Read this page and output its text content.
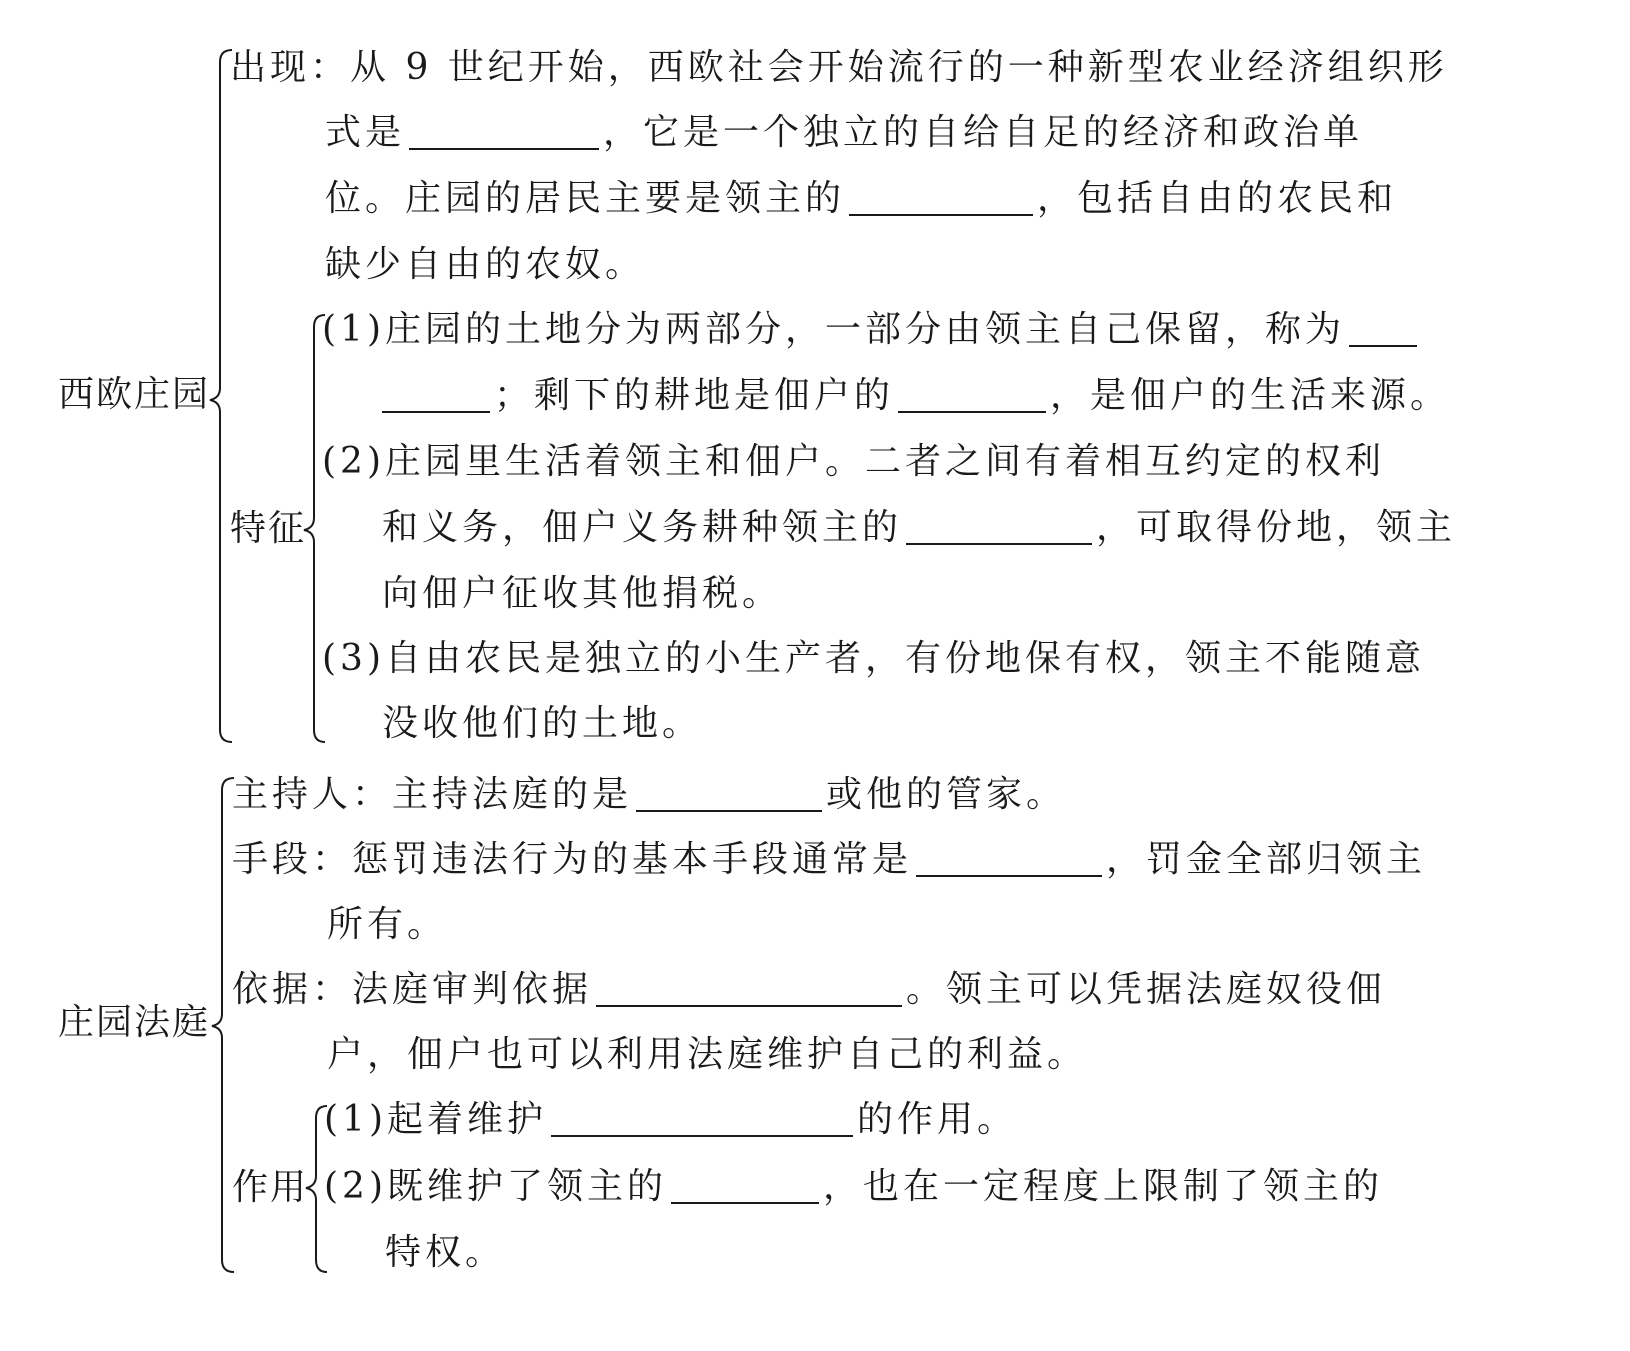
西欧庄园
出现：从 9 世纪开始，西欧社会开始流行的一种新型农业经济组织形
式是	，它是一个独立的自给自足的经济和政治单
位。庄园的居民主要是领主的	，包括自由的农民和
缺少自由的农奴。
特征
(1)庄园的土地分为两部分，一部分由领主自己保留，称为
；剩下的耕地是佃户的	，是佃户的生活来源。
(2)庄园里生活着领主和佃户。二者之间有着相互约定的权利
和义务，佃户义务耕种领主的	，可取得份地，领主
向佃户征收其他捐税。
(3)自由农民是独立的小生产者，有份地保有权，领主不能随意
没收他们的土地。
庄园法庭
主持人：主持法庭的是	或他的管家。
手段：惩罚违法行为的基本手段通常是	，罚金全部归领主
所有。
依据：法庭审判依据	。领主可以凭据法庭奴役佃
户，佃户也可以利用法庭维护自己的利益。
作用
(1)起着维护	的作用。
(2)既维护了领主的	，也在一定程度上限制了领主的
特权。
